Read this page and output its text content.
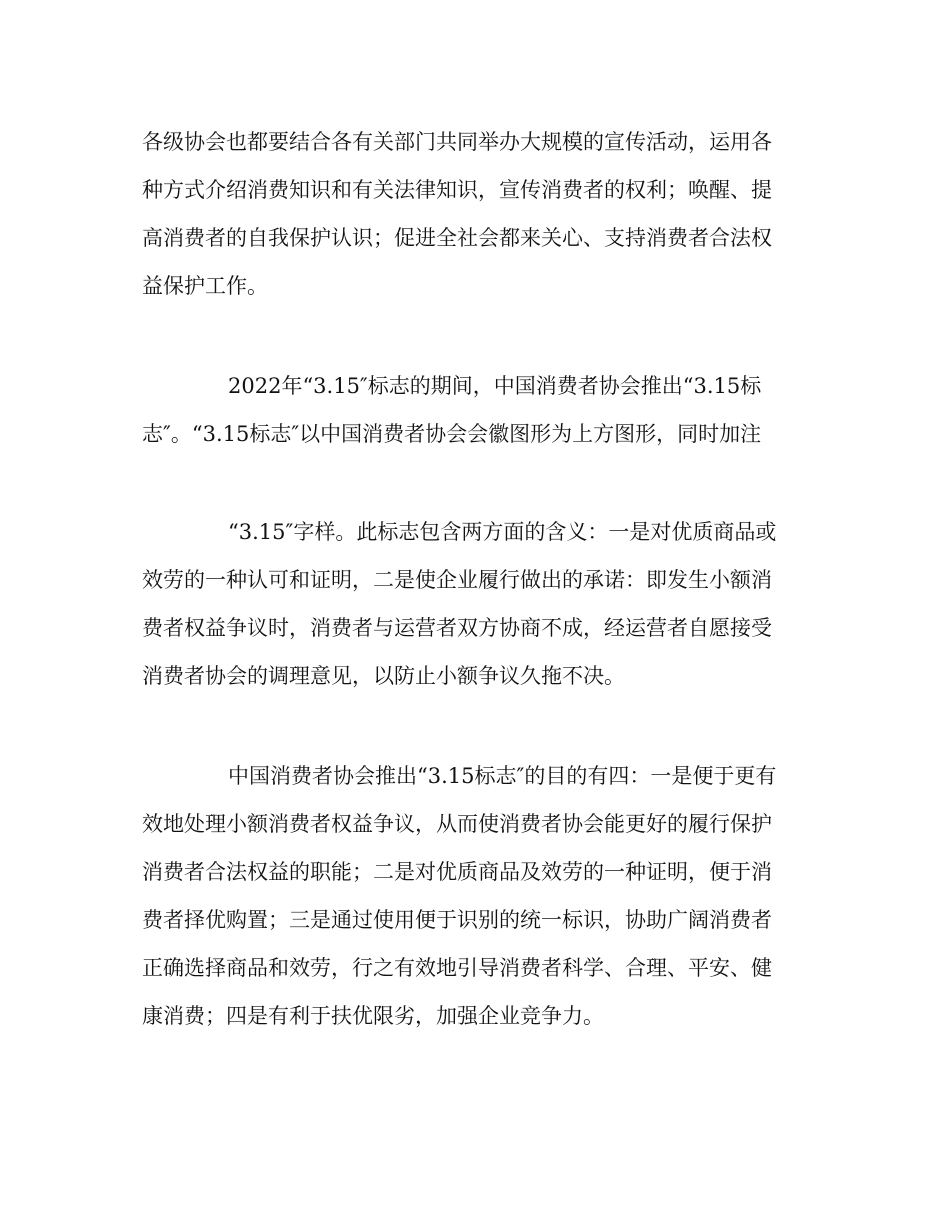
各级协会也都要结合各有关部门共同举办大规模的宣传活动，运用各
种方式介绍消费知识和有关法律知识，宣传消费者的权利；唤醒、提
高消费者的自我保护认识；促进全社会都来关心、支持消费者合法权
益保护工作。
2022年“3.15″标志的期间，中国消费者协会推出“3.15标
志″。“3.15标志″以中国消费者协会会徽图形为上方图形，同时加注
“3.15″字样。此标志包含两方面的含义：一是对优质商品或
效劳的一种认可和证明，二是使企业履行做出的承诺：即发生小额消
费者权益争议时，消费者与运营者双方协商不成，经运营者自愿接受
消费者协会的调理意见，以防止小额争议久拖不决。
中国消费者协会推出“3.15标志″的目的有四：一是便于更有
效地处理小额消费者权益争议，从而使消费者协会能更好的履行保护
消费者合法权益的职能；二是对优质商品及效劳的一种证明，便于消
费者择优购置；三是通过使用便于识别的统一标识，协助广阔消费者
正确选择商品和效劳，行之有效地引导消费者科学、合理、平安、健
康消费；四是有利于扶优限劣，加强企业竞争力。
